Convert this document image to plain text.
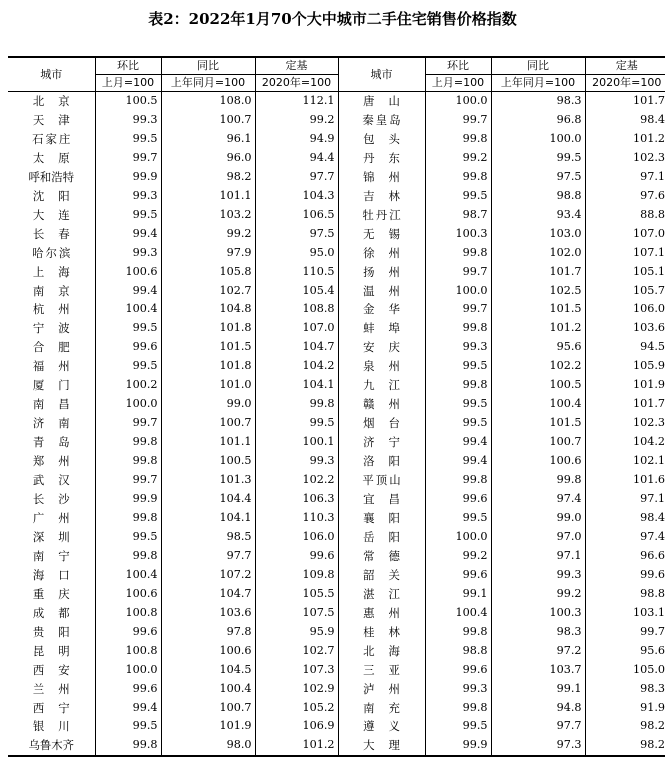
表2：2022年1月70个大中城市二手住宅销售价格指数
城市	环比	同比	定基	城市	环比	同比	定基
	上月=100	上年同月=100	2020年=100		上月=100	上年同月=100	2020年=100
北京	100.5	108.0	112.1	唐山	100.0	98.3	101.7
天津	99.3	100.7	99.2	秦皇岛	99.7	96.8	98.4
石家庄	99.5	96.1	94.9	包头	99.8	100.0	101.2
太原	99.7	96.0	94.4	丹东	99.2	99.5	102.3
呼和浩特	99.9	98.2	97.7	锦州	99.8	97.5	97.1
沈阳	99.3	101.1	104.3	吉林	99.5	98.8	97.6
大连	99.5	103.2	106.5	牡丹江	98.7	93.4	88.8
长春	99.4	99.2	97.5	无锡	100.3	103.0	107.0
哈尔滨	99.3	97.9	95.0	徐州	99.8	102.0	107.1
上海	100.6	105.8	110.5	扬州	99.7	101.7	105.1
南京	99.4	102.7	105.4	温州	100.0	102.5	105.7
杭州	100.4	104.8	108.8	金华	99.7	101.5	106.0
宁波	99.5	101.8	107.0	蚌埠	99.8	101.2	103.6
合肥	99.6	101.5	104.7	安庆	99.3	95.6	94.5
福州	99.5	101.8	104.2	泉州	99.5	102.2	105.9
厦门	100.2	101.0	104.1	九江	99.8	100.5	101.9
南昌	100.0	99.0	99.8	赣州	99.5	100.4	101.7
济南	99.7	100.7	99.5	烟台	99.5	101.5	102.3
青岛	99.8	101.1	100.1	济宁	99.4	100.7	104.2
郑州	99.8	100.5	99.3	洛阳	99.4	100.6	102.1
武汉	99.7	101.3	102.2	平顶山	99.8	99.8	101.6
长沙	99.9	104.4	106.3	宜昌	99.6	97.4	97.1
广州	99.8	104.1	110.3	襄阳	99.5	99.0	98.4
深圳	99.5	98.5	106.0	岳阳	100.0	97.0	97.4
南宁	99.8	97.7	99.6	常德	99.2	97.1	96.6
海口	100.4	107.2	109.8	韶关	99.6	99.3	99.6
重庆	100.6	104.7	105.5	湛江	99.1	99.2	98.8
成都	100.8	103.6	107.5	惠州	100.4	100.3	103.1
贵阳	99.6	97.8	95.9	桂林	99.8	98.3	99.7
昆明	100.8	100.6	102.7	北海	98.8	97.2	95.6
西安	100.0	104.5	107.3	三亚	99.6	103.7	105.0
兰州	99.6	100.4	102.9	泸州	99.3	99.1	98.3
西宁	99.4	100.7	105.2	南充	99.8	94.8	91.9
银川	99.5	101.9	106.9	遵义	99.5	97.7	98.2
乌鲁木齐	99.8	98.0	101.2	大理	99.9	97.3	98.2
